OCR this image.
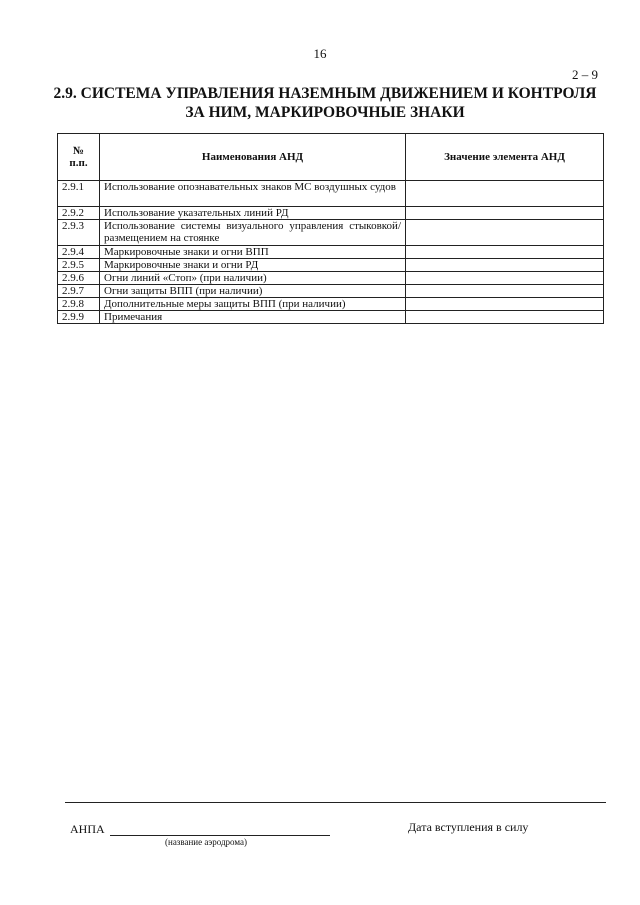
16
2 – 9
2.9. СИСТЕМА УПРАВЛЕНИЯ НАЗЕМНЫМ ДВИЖЕНИЕМ И КОНТРОЛЯ ЗА НИМ, МАРКИРОВОЧНЫЕ ЗНАКИ
№
п.п.	Наименования АНД	Значение элемента АНД
2.9.1	Использование опознавательных знаков МС воздушных судов	
2.9.2	Использование указательных линий РД	
2.9.3	Использование системы визуального управления стыковкой/размещением на стоянке	
2.9.4	Маркировочные знаки и огни ВПП	
2.9.5	Маркировочные знаки и огни РД	
2.9.6	Огни линий «Стоп» (при наличии)	
2.9.7	Огни защиты ВПП (при наличии)	
2.9.8	Дополнительные меры защиты ВПП (при наличии)	
2.9.9	Примечания	
АНПА
(название аэродрома)
Дата вступления в силу
